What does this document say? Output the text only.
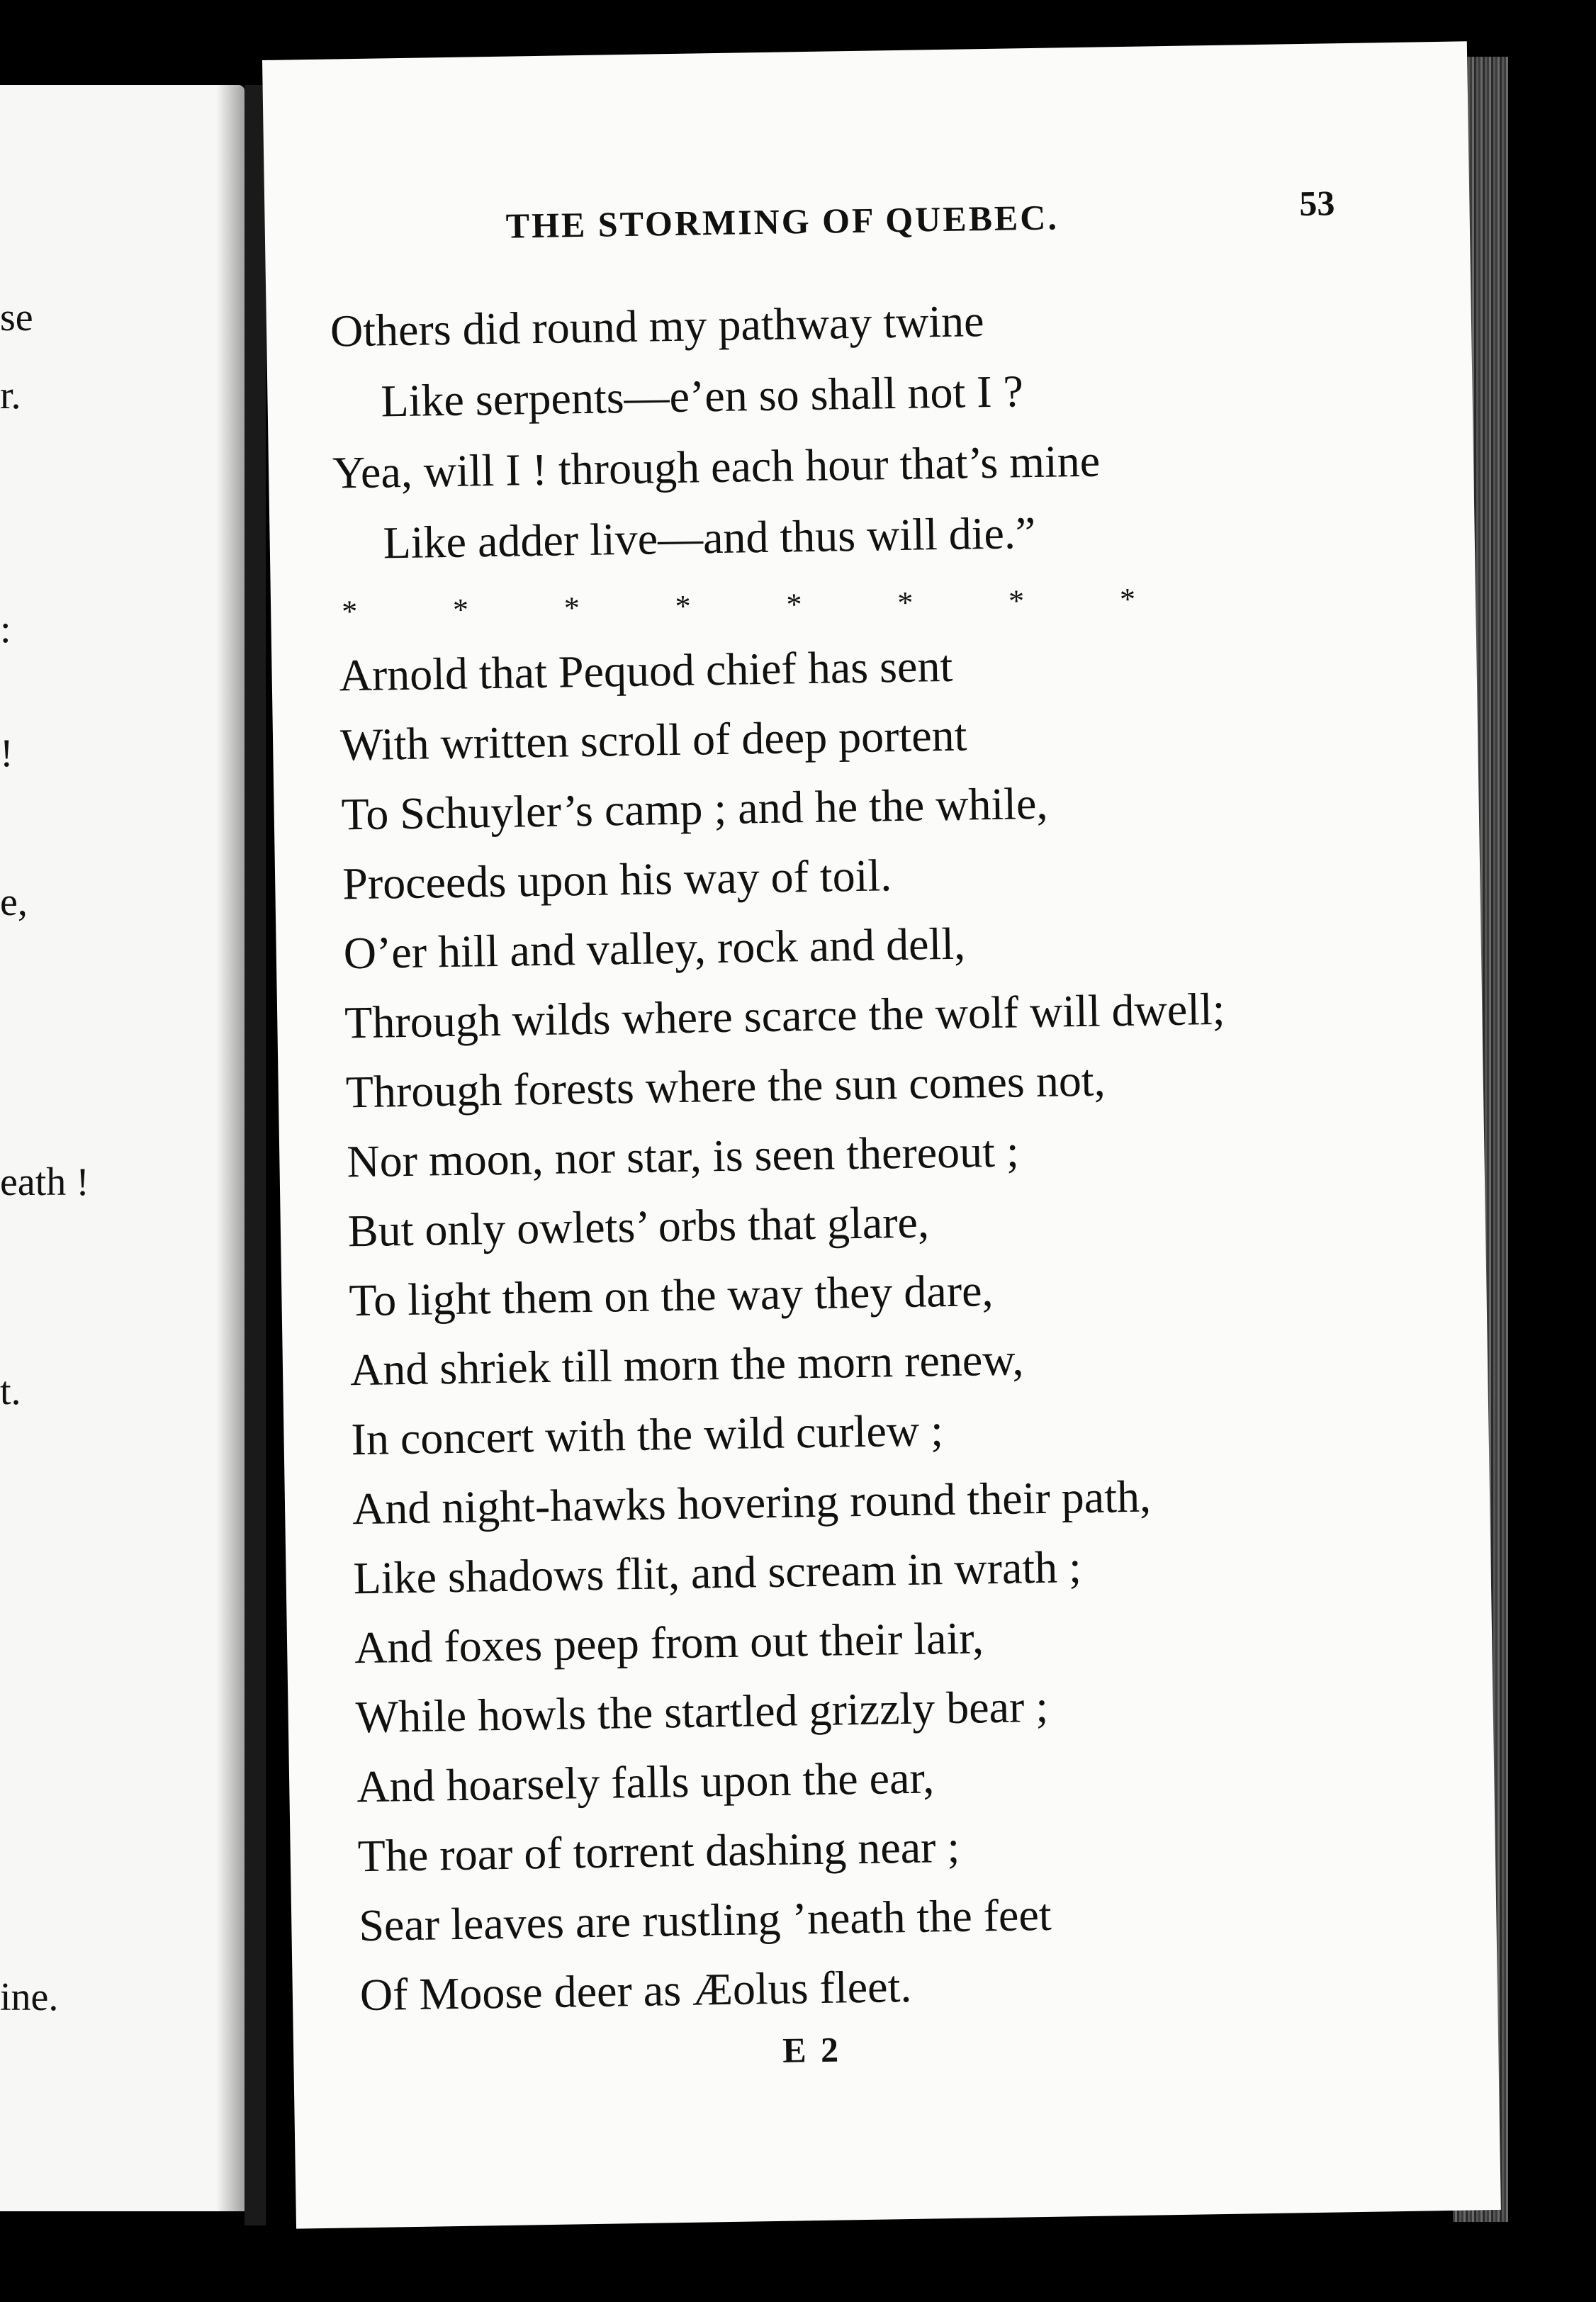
se
r.
:
!
e,
eath !
t.
ine.
THE STORMING OF QUEBEC.	53
Others did round my pathway twine
Like serpents—e’en so shall not I ?
Yea, will I ! through each hour that’s mine
Like adder live—and thus will die.”
*	*	*	*	*	*	*	*
Arnold that Pequod chief has sent
With written scroll of deep portent
To Schuyler’s camp ; and he the while,
Proceeds upon his way of toil.
O’er hill and valley, rock and dell,
Through wilds where scarce the wolf will dwell;
Through forests where the sun comes not,
Nor moon, nor star, is seen thereout ;
But only owlets’ orbs that glare,
To light them on the way they dare,
And shriek till morn the morn renew,
In concert with the wild curlew ;
And night-hawks hovering round their path,
Like shadows flit, and scream in wrath ;
And foxes peep from out their lair,
While howls the startled grizzly bear ;
And hoarsely falls upon the ear,
The roar of torrent dashing near ;
Sear leaves are rustling ’neath the feet
Of Moose deer as Æolus fleet.
E 2
